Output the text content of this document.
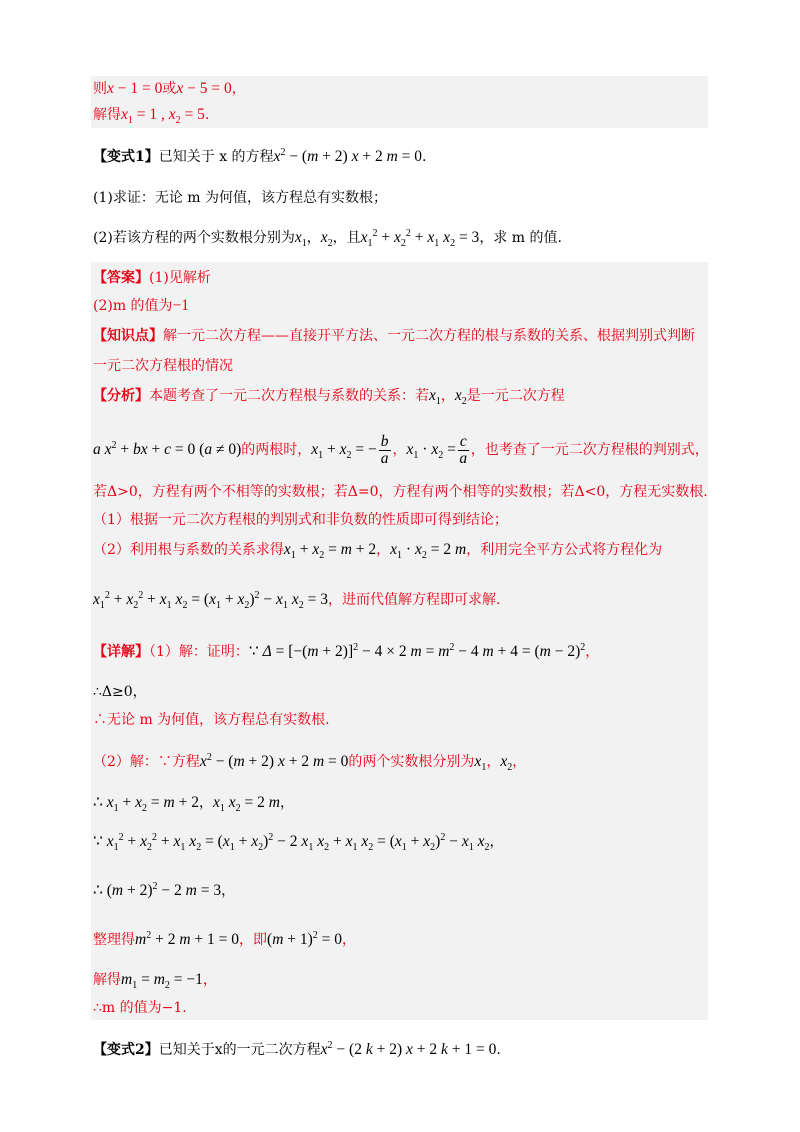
则x − 1 = 0或x − 5 = 0，
解得$x_1 = 1$ , $x_2 = 5$.
【变式1】已知关于 x 的方程$x^2 - (m + 2) x + 2$ m = 0.
(1)求证：无论 m 为何值，该方程总有实数根；
(2)若该方程的两个实数根分别为$x_1$，$x_2$，且$x_1^2 + x_2^2 + x_1$ $x_2 = 3$，求 m 的值.
【答案】(1)见解析
(2)m 的值为−1
【知识点】解一元二次方程——直接开平方法、一元二次方程的根与系数的关系、根据判别式判断
一元二次方程根的情况
【分析】本题考查了一元二次方程根与系数的关系：若$x_1$，$x_2$是一元二次方程
a $x^2$ + bx + c = 0 (a ≠ 0)的两根时，$x_1 + x_2$ = − $\frac{b}{a}$ ，$x_1 \cdot x_2 = \frac{c}{a}$ ，也考查了一元二次方程根的判别式，
若Δ>0，方程有两个不相等的实数根；若Δ=0，方程有两个相等的实数根；若Δ<0，方程无实数根.
（1）根据一元二次方程根的判别式和非负数的性质即可得到结论；
（2）利用根与系数的关系求得$x_1 + x_2 = m + 2$，$x_1 \cdot x_2 = 2$ m，利用完全平方公式将方程化为
$x_1^2 + x_2^2 + x_1$ $x_2 = (x_1 + x_2)^2 - x_1$ $x_2 = 3$，进而代值解方程即可求解.
【详解】（1）解：证明：∵ $\Delta = [-(m + 2)]^2 - 4 \times 2$ $m = m^2 - 4$ $m + 4 = (m - 2)^2$，
∴Δ≥0，
∴无论 m 为何值，该方程总有实数根.
（2）解：∵方程$x^2 - (m + 2) x + 2$ m = 0的两个实数根分别为$x_1$，$x_2$，
∴ $x_1 + x_2 = m + 2$，$x_1$ $x_2 = 2$ m，
∵ $x_1^2 + x_2^2 + x_1$ $x_2 = (x_1 + x_2)^2 - 2$ $x_1$ $x_2 + x_1$ $x_2 = (x_1 + x_2)^2 - x_1$ $x_2$，
∴ $(m + 2)^2 - 2$ m = 3，
整理得$m^2 + 2$ m + 1 = 0，即$(m + 1)^2 = 0$，
解得$m_1 = m_2 = -1$，
∴m 的值为−1.
【变式2】已知关于x的一元二次方程$x^2 - (2$ k + 2) x + 2 k + 1 = 0.
